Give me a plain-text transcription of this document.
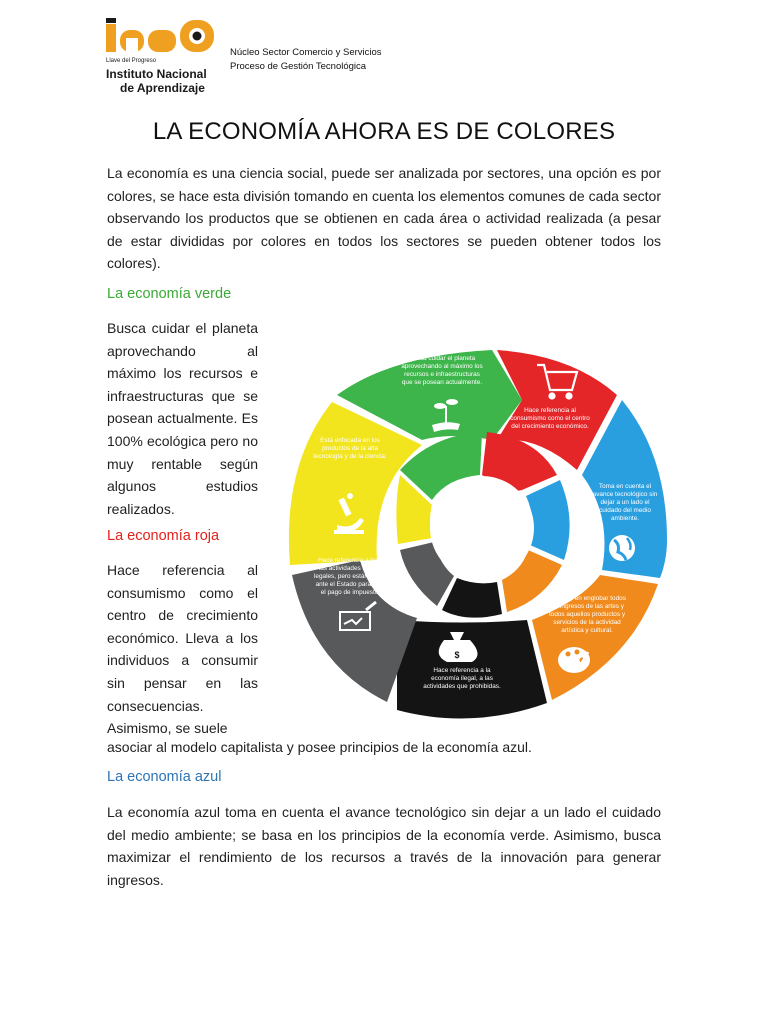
Llave del Progreso
Instituto Nacional
de Aprendizaje
Núcleo Sector Comercio y Servicios
Proceso de Gestión Tecnológica
LA ECONOMÍA AHORA ES DE COLORES
La economía es una ciencia social, puede ser analizada por sectores, una opción es por colores, se hace esta división tomando en cuenta los elementos comunes de cada sector observando los productos que se obtienen en cada área o actividad realizada (a pesar de estar divididas por colores en todos los sectores se pueden obtener todos los colores).
La economía verde
Busca cuidar el planeta aprovechando al máximo los recursos e infraestructuras que se posean actualmente. Es 100% ecológica pero no muy rentable según algunos estudios realizados.
La economía roja
Hace referencia al consumismo como el centro de crecimiento económico. Lleva a los individuos a consumir sin pensar en las consecuencias. Asimismo, se suele
asociar al modelo capitalista y posee principios de la economía azul.
La economía azul
La economía azul toma en cuenta el avance tecnológico sin dejar a un lado el cuidado del medio ambiente; se basa en los principios de la economía verde. Asimismo, busca maximizar el rendimiento de los recursos a través de la innovación para generar ingresos.
Busca cuidar el planeta
aprovechando al máximo los
recursos e infraestructuras
que se posean actualmente.
Hace referencia al
consumismo como el centro
del crecimiento económico.
Toma en cuenta el
avance tecnológico sin
dejar a un lado el
cuidado del medio
ambiente.
Consiste en englobar todos
los ingresos de las artes y
todos aquellos productos y
servicios de la actividad
artística y cultural.
Hace referencia a la
economía ilegal, a las
actividades que prohibidas.
Hace referencia a todas
las actividades que son
legales, pero están ocultas
ante el Estado para evitar
el pago de impuestos.
Está enfocada en los
productos de la alta
tecnología y de la ciencia.
$
